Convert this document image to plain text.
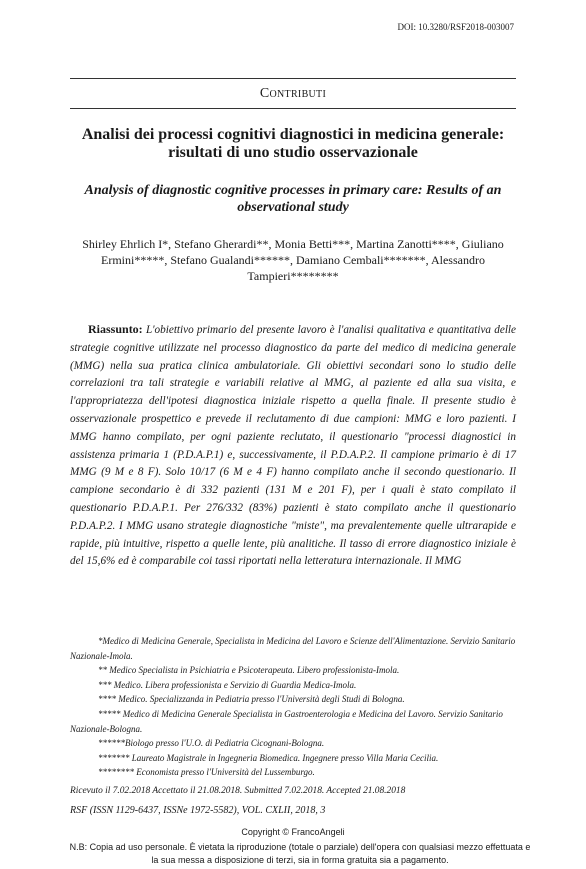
DOI: 10.3280/RSF2018-003007
Contributi
Analisi dei processi cognitivi diagnostici in medicina generale: risultati di uno studio osservazionale
Analysis of diagnostic cognitive processes in primary care: Results of an observational study
Shirley Ehrlich I*, Stefano Gherardi**, Monia Betti***, Martina Zanotti****, Giuliano Ermini*****, Stefano Gualandi******, Damiano Cembali*******, Alessandro Tampieri********

Riassunto: L'obiettivo primario del presente lavoro è l'analisi qualitativa e quantitativa delle strategie cognitive utilizzate nel processo diagnostico da parte del medico di medicina generale (MMG) nella sua pratica clinica ambulatoriale. Gli obiettivi secondari sono lo studio delle correlazioni tra tali strategie e variabili relative al MMG, al paziente ed alla sua visita, e l'appropriatezza dell'ipotesi diagnostica iniziale rispetto a quella finale. Il presente studio è osservazionale prospettico e prevede il reclutamento di due campioni: MMG e loro pazienti. I MMG hanno compilato, per ogni paziente reclutato, il questionario "processi diagnostici in assistenza primaria 1 (P.D.A.P.1) e, successivamente, il P.D.A.P.2. Il campione primario è di 17 MMG (9 M e 8 F). Solo 10/17 (6 M e 4 F) hanno compilato anche il secondo questionario. Il campione secondario è di 332 pazienti (131 M e 201 F), per i quali è stato compilato il questionario P.D.A.P.1. Per 276/332 (83%) pazienti è stato compilato anche il questionario P.D.A.P.2. I MMG usano strategie diagnostiche "miste", ma prevalentemente quelle ultrarapide e rapide, più intuitive, rispetto a quelle lente, più analitiche. Il tasso di errore diagnostico iniziale è del 15,6% ed è comparabile coi tassi riportati nella letteratura internazionale. Il MMG

*Medico di Medicina Generale, Specialista in Medicina del Lavoro e Scienze dell'Alimentazione. Servizio Sanitario Nazionale-Imola.
** Medico Specialista in Psichiatria e Psicoterapeuta. Libero professionista-Imola.
*** Medico. Libera professionista e Servizio di Guardia Medica-Imola.
**** Medico. Specializzanda in Pediatria presso l'Università degli Studi di Bologna.
***** Medico di Medicina Generale Specialista in Gastroenterologia e Medicina del Lavoro. Servizio Sanitario Nazionale-Bologna.
******Biologo presso l'U.O. di Pediatria Cicognani-Bologna.
******* Laureato Magistrale in Ingegneria Biomedica. Ingegnere presso Villa Maria Cecilia.
******** Economista presso l'Università del Lussemburgo.
Ricevuto il 7.02.2018 Accettato il 21.08.2018. Submitted 7.02.2018. Accepted 21.08.2018
RSF (ISSN 1129-6437, ISSNe 1972-5582), VOL. CXLII, 2018, 3
Copyright © FrancoAngeli
N.B: Copia ad uso personale. È vietata la riproduzione (totale o parziale) dell'opera con qualsiasi mezzo effettuata e la sua messa a disposizione di terzi, sia in forma gratuita sia a pagamento.
